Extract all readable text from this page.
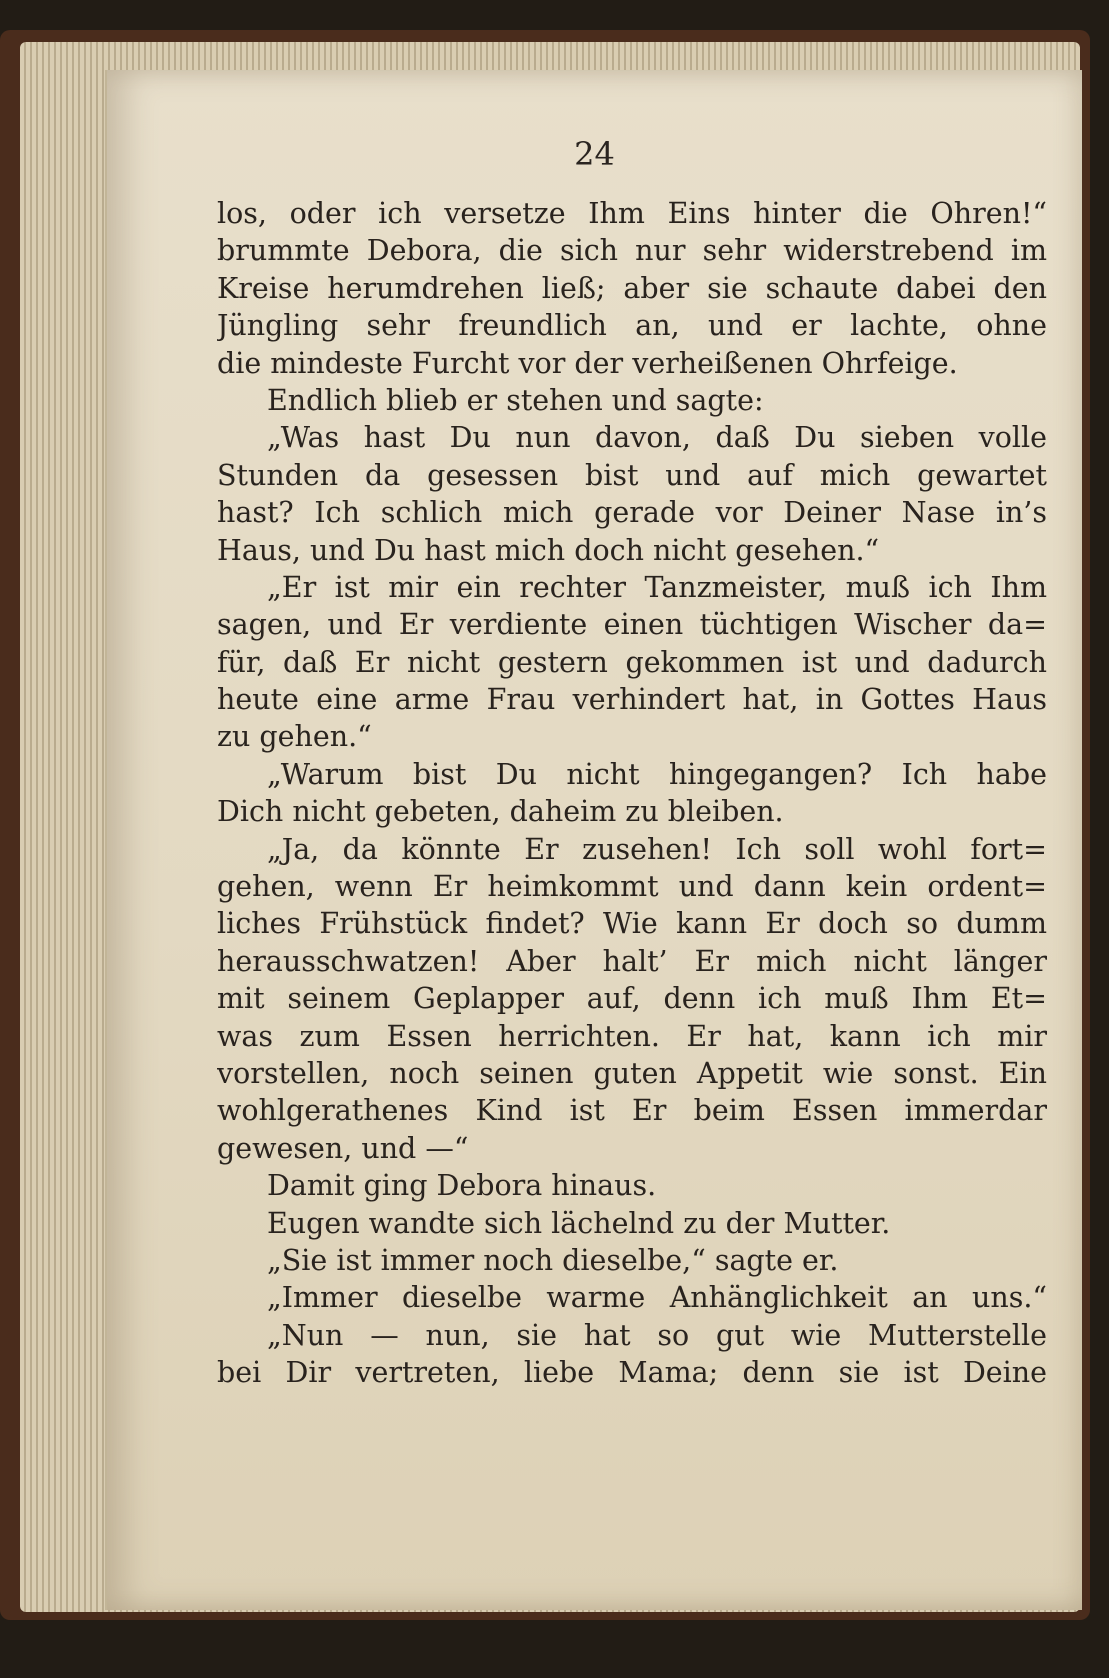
24
los, oder ich versetze Ihm Eins hinter die Ohren!“
brummte Debora, die sich nur sehr widerstrebend im
Kreise herumdrehen ließ; aber sie schaute dabei den
Jüngling sehr freundlich an, und er lachte, ohne
die mindeste Furcht vor der verheißenen Ohrfeige.
Endlich blieb er stehen und sagte:
„Was hast Du nun davon, daß Du sieben volle
Stunden da gesessen bist und auf mich gewartet
hast? Ich schlich mich gerade vor Deiner Nase in’s
Haus, und Du hast mich doch nicht gesehen.“
„Er ist mir ein rechter Tanzmeister, muß ich Ihm
sagen, und Er verdiente einen tüchtigen Wischer da=
für, daß Er nicht gestern gekommen ist und dadurch
heute eine arme Frau verhindert hat, in Gottes Haus
zu gehen.“
„Warum bist Du nicht hingegangen? Ich habe
Dich nicht gebeten, daheim zu bleiben.
„Ja, da könnte Er zusehen! Ich soll wohl fort=
gehen, wenn Er heimkommt und dann kein ordent=
liches Frühstück findet? Wie kann Er doch so dumm
herausschwatzen! Aber halt’ Er mich nicht länger
mit seinem Geplapper auf, denn ich muß Ihm Et=
was zum Essen herrichten. Er hat, kann ich mir
vorstellen, noch seinen guten Appetit wie sonst. Ein
wohlgerathenes Kind ist Er beim Essen immerdar
gewesen, und —“
Damit ging Debora hinaus.
Eugen wandte sich lächelnd zu der Mutter.
„Sie ist immer noch dieselbe,“ sagte er.
„Immer dieselbe warme Anhänglichkeit an uns.“
„Nun — nun, sie hat so gut wie Mutterstelle
bei Dir vertreten, liebe Mama; denn sie ist Deine
